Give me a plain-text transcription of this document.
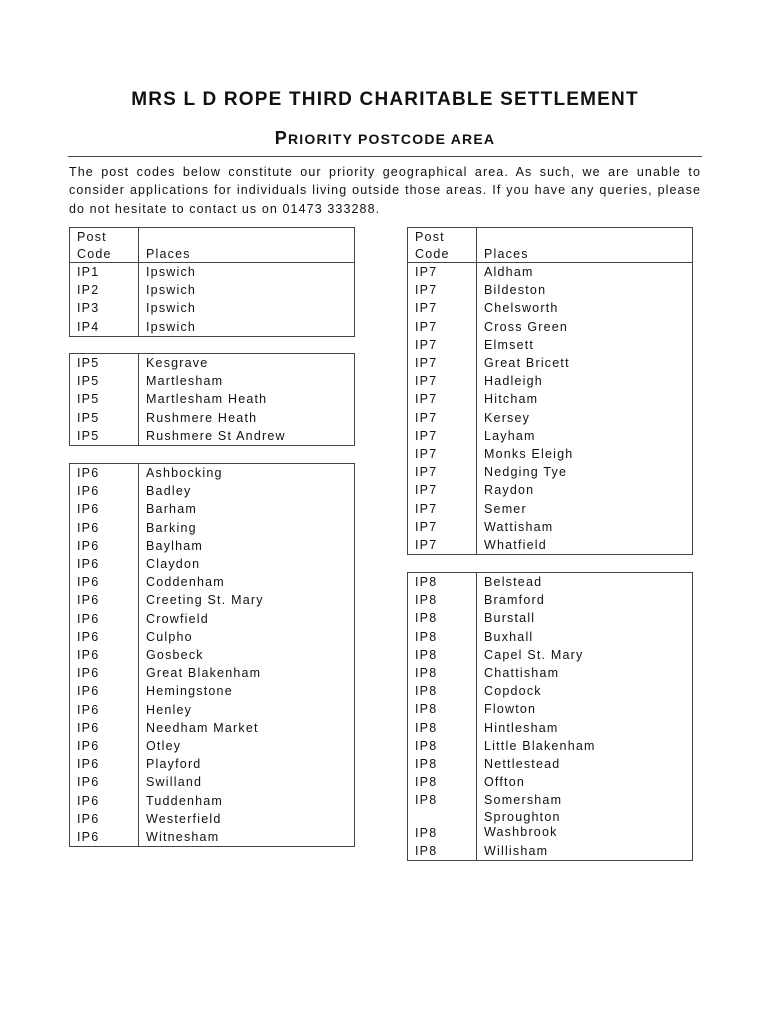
MRS L D ROPE THIRD CHARITABLE SETTLEMENT
PRIORITY POSTCODE AREA

The post codes below constitute our priority geographical area. As such, we are unable to consider applications for individuals living outside those areas. If you have any queries, please do not hesitate to contact us on 01473 333288.

Post
Code	Places

IP1	Ipswich
IP2	Ipswich
IP3	Ipswich
IP4	Ipswich
IP5	Kesgrave
IP5	Martlesham
IP5	Martlesham Heath
IP5	Rushmere Heath
IP5	Rushmere St Andrew
IP6	Ashbocking
IP6	Badley
IP6	Barham
IP6	Barking
IP6	Baylham
IP6	Claydon
IP6	Coddenham
IP6	Creeting St. Mary
IP6	Crowfield
IP6	Culpho
IP6	Gosbeck
IP6	Great Blakenham
IP6	Hemingstone
IP6	Henley
IP6	Needham Market
IP6	Otley
IP6	Playford
IP6	Swilland
IP6	Tuddenham
IP6	Westerfield
IP6	Witnesham
Post
Code	Places

IP7	Aldham
IP7	Bildeston
IP7	Chelsworth
IP7	Cross Green
IP7	Elmsett
IP7	Great Bricett
IP7	Hadleigh
IP7	Hitcham
IP7	Kersey
IP7	Layham
IP7	Monks Eleigh
IP7	Nedging Tye
IP7	Raydon
IP7	Semer
IP7	Wattisham
IP7	Whatfield
IP8	Belstead
IP8	Bramford
IP8	Burstall
IP8	Buxhall
IP8	Capel St. Mary
IP8	Chattisham
IP8	Copdock
IP8	Flowton
IP8	Hintlesham
IP8	Little Blakenham
IP8	Nettlestead
IP8	Offton
IP8	Somersham
IP8	Sproughton
Washbrook

IP8	Willisham
